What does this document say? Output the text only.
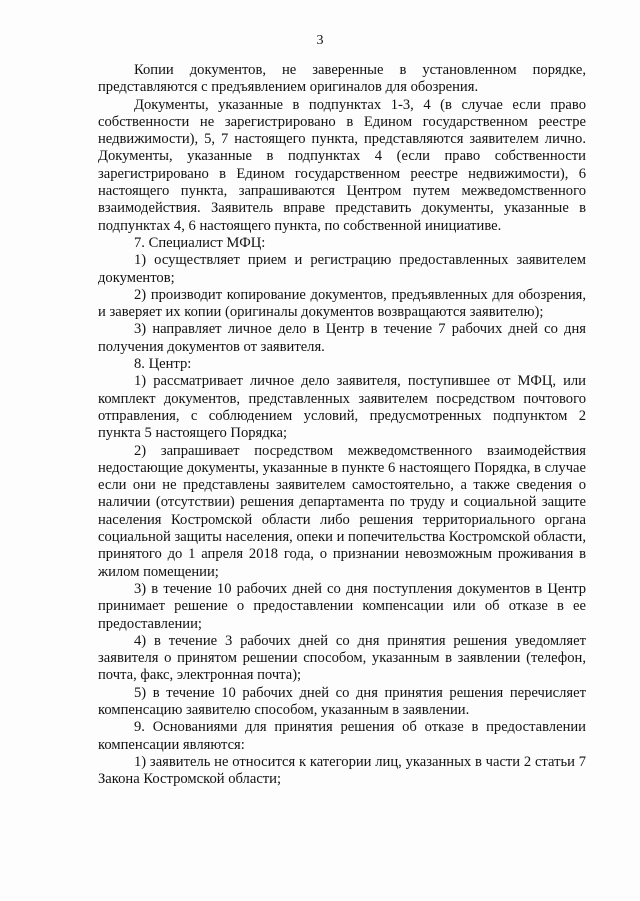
3

Копии документов, не заверенные в установленном порядке, представляются с предъявлением оригиналов для обозрения.

Документы, указанные в подпунктах 1-3, 4 (в случае если право собственности не зарегистрировано в Едином государственном реестре недвижимости), 5, 7 настоящего пункта, представляются заявителем лично. Документы, указанные в подпунктах 4 (если право собственности зарегистрировано в Едином государственном реестре недвижимости), 6 настоящего пункта, запрашиваются Центром путем межведомственного взаимодействия. Заявитель вправе представить документы, указанные в подпунктах 4, 6 настоящего пункта, по собственной инициативе.

7. Специалист МФЦ:

1) осуществляет прием и регистрацию предоставленных заявителем документов;

2) производит копирование документов, предъявленных для обозрения, и заверяет их копии (оригиналы документов возвращаются заявителю);

3) направляет личное дело в Центр в течение 7 рабочих дней со дня получения документов от заявителя.

8. Центр:

1) рассматривает личное дело заявителя, поступившее от МФЦ, или комплект документов, представленных заявителем посредством почтового отправления, с соблюдением условий, предусмотренных подпунктом 2 пункта 5 настоящего Порядка;

2) запрашивает посредством межведомственного взаимодействия недостающие документы, указанные в пункте 6 настоящего Порядка, в случае если они не представлены заявителем самостоятельно, а также сведения о наличии (отсутствии) решения департамента по труду и социальной защите населения Костромской области либо решения территориального органа социальной защиты населения, опеки и попечительства Костромской области, принятого до 1 апреля 2018 года, о признании невозможным проживания в жилом помещении;

3) в течение 10 рабочих дней со дня поступления документов в Центр принимает решение о предоставлении компенсации или об отказе в ее предоставлении;

4) в течение 3 рабочих дней со дня принятия решения уведомляет заявителя о принятом решении способом, указанным в заявлении (телефон, почта, факс, электронная почта);

5) в течение 10 рабочих дней со дня принятия решения перечисляет компенсацию заявителю способом, указанным в заявлении.

9. Основаниями для принятия решения об отказе в предоставлении компенсации являются:

1) заявитель не относится к категории лиц, указанных в части 2 статьи 7 Закона Костромской области;
